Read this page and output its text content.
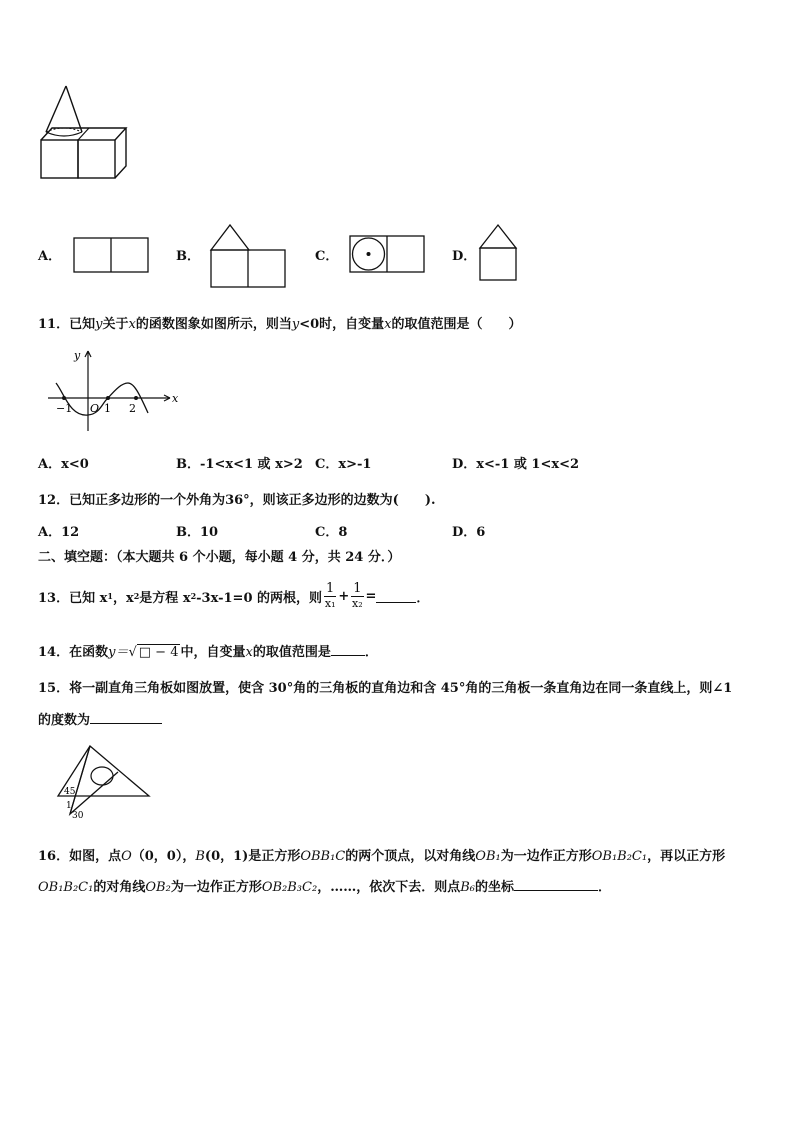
A．	B．	C．	D．
11．已知y关于x的函数图象如图所示，则当y<0时，自变量x的取值范围是（　　）
y
x
−1 O 1 2
A．x<0	B．-1<x<1 或 x>2 C．x>-1	D．x<-1 或 1<x<2
12．已知正多边形的一个外角为36°，则该正多边形的边数为(　　).
A．12	B．10	C．8	D．6
二、填空题：（本大题共 6 个小题，每小题 4 分，共 24 分．）
13．已知 x 1 ，x 2 是方程 x 2 -3x-1=0 的两根，则 $\frac{1}{\text{x₁}} + \frac{1}{\text{x₂}}$ =	．
14．在函数y＝√ □ − 4 中，自变量x的取值范围是	．
15．将一副直角三角板如图放置，使含 30°角的三角板的直角边和含 45°角的三角板一条直角边在同一条直线上，则∠1
的度数为
45
1
30
16．如图，点O（0，0），B(0，1)是正方形OBB₁C的两个顶点，以对角线OB₁为一边作正方形OB₁B₂C₁，再以正方形
OB₁B₂C₁的对角线OB₂为一边作正方形OB₂B₃C₂，……，依次下去．则点B₆的坐标	．
